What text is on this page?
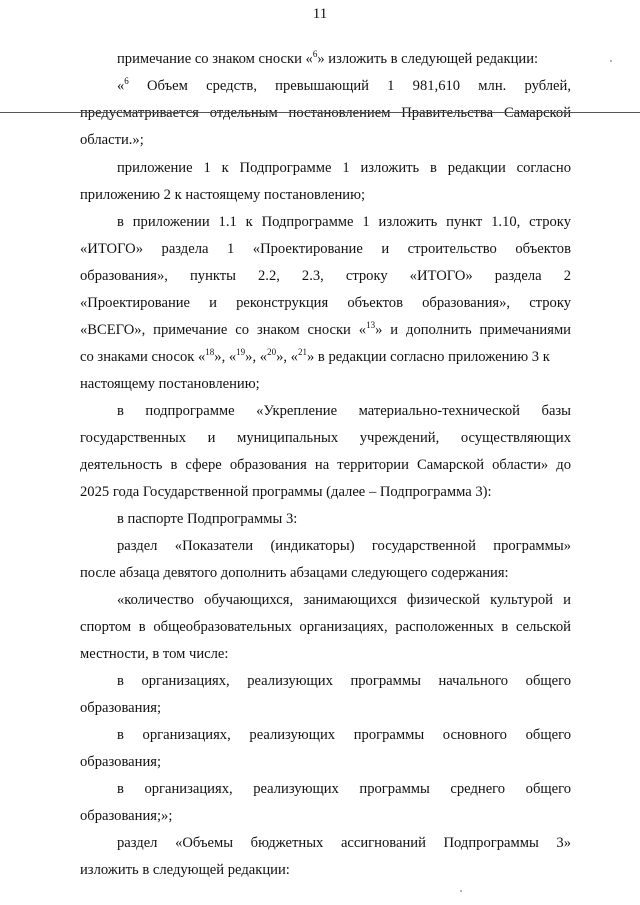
11
примечание со знаком сноски «$^6$» изложить в следующей редакции:
«$^6$ Объем средств, превышающий 1 981,610 млн. рублей,
предусматривается отдельным постановлением Правительства Самарской
области.»;
приложение 1 к Подпрограмме 1 изложить в редакции согласно
приложению 2 к настоящему постановлению;
в приложении 1.1 к Подпрограмме 1 изложить пункт 1.10, строку
«ИТОГО» раздела 1 «Проектирование и строительство объектов
образования», пункты 2.2, 2.3, строку «ИТОГО» раздела 2
«Проектирование и реконструкция объектов образования», строку
«ВСЕГО», примечание со знаком сноски «$^{13}$» и дополнить примечаниями
со знаками сносок «$^{18}$», «$^{19}$», «$^{20}$», «$^{21}$» в редакции согласно приложению 3 к
настоящему постановлению;
в подпрограмме «Укрепление материально-технической базы
государственных и муниципальных учреждений, осуществляющих
деятельность в сфере образования на территории Самарской области» до
2025 года Государственной программы (далее – Подпрограмма 3):
в паспорте Подпрограммы 3:
раздел «Показатели (индикаторы) государственной программы»
после абзаца девятого дополнить абзацами следующего содержания:
«количество обучающихся, занимающихся физической культурой и
спортом в общеобразовательных организациях, расположенных в сельской
местности, в том числе:
в организациях, реализующих программы начального общего
образования;
в организациях, реализующих программы основного общего
образования;
в организациях, реализующих программы среднего общего
образования;»;
раздел «Объемы бюджетных ассигнований Подпрограммы 3»
изложить в следующей редакции:
